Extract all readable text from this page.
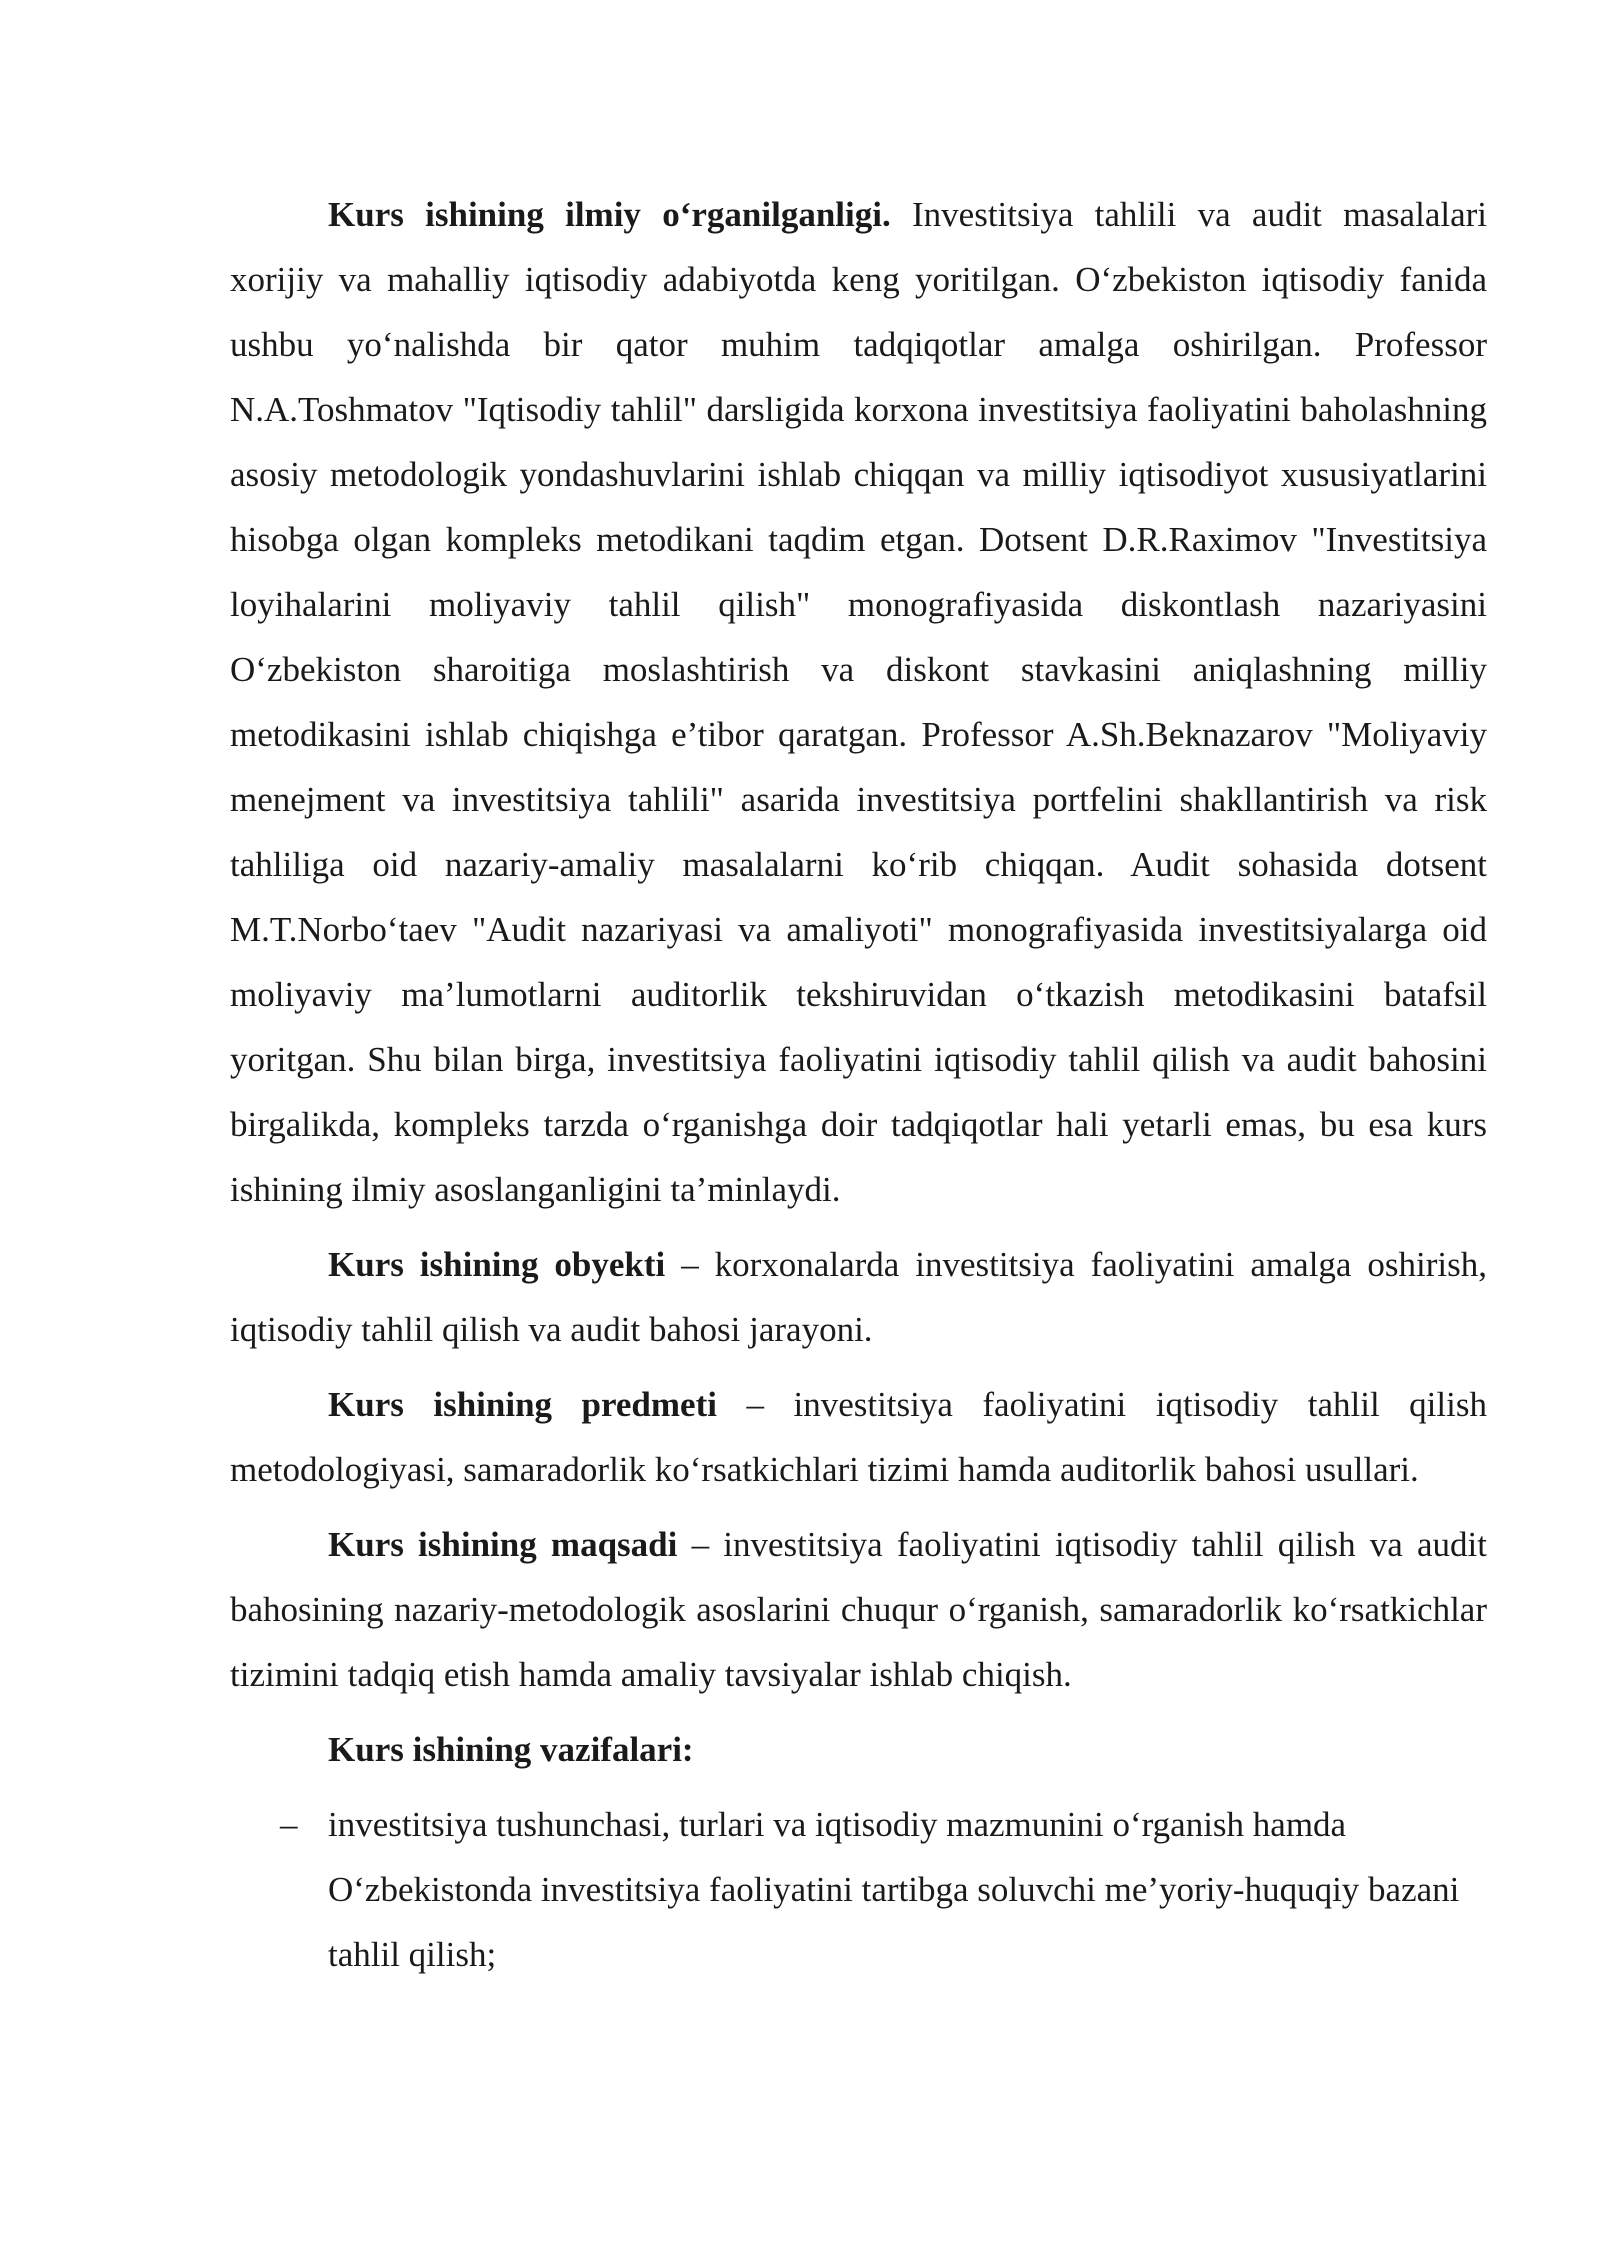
Kurs ishining ilmiy o‘rganilganligi. Investitsiya tahlili va audit masalalari xorijiy va mahalliy iqtisodiy adabiyotda keng yoritilgan. O‘zbekiston iqtisodiy fanida ushbu yo‘nalishda bir qator muhim tadqiqotlar amalga oshirilgan. Professor N.A.Toshmatov "Iqtisodiy tahlil" darsligida korxona investitsiya faoliyatini baholashning asosiy metodologik yondashuvlarini ishlab chiqqan va milliy iqtisodiyot xususiyatlarini hisobga olgan kompleks metodikani taqdim etgan. Dotsent D.R.Raximov "Investitsiya loyihalarini moliyaviy tahlil qilish" monografiyasida diskontlash nazariyasini O‘zbekiston sharoitiga moslashtirish va diskont stavkasini aniqlashning milliy metodikasini ishlab chiqishga e’tibor qaratgan. Professor A.Sh.Beknazarov "Moliyaviy menejment va investitsiya tahlili" asarida investitsiya portfelini shakllantirish va risk tahliliga oid nazariy-amaliy masalalarni ko‘rib chiqqan. Audit sohasida dotsent M.T.Norbo‘taev "Audit nazariyasi va amaliyoti" monografiyasida investitsiyalarga oid moliyaviy ma’lumotlarni auditorlik tekshiruvidan o‘tkazish metodikasini batafsil yoritgan. Shu bilan birga, investitsiya faoliyatini iqtisodiy tahlil qilish va audit bahosini birgalikda, kompleks tarzda o‘rganishga doir tadqiqotlar hali yetarli emas, bu esa kurs ishining ilmiy asoslanganligini ta’minlaydi.

Kurs ishining obyekti – korxonalarda investitsiya faoliyatini amalga oshirish, iqtisodiy tahlil qilish va audit bahosi jarayoni.

Kurs ishining predmeti – investitsiya faoliyatini iqtisodiy tahlil qilish metodologiyasi, samaradorlik ko‘rsatkichlari tizimi hamda auditorlik bahosi usullari.

Kurs ishining maqsadi – investitsiya faoliyatini iqtisodiy tahlil qilish va audit bahosining nazariy-metodologik asoslarini chuqur o‘rganish, samaradorlik ko‘rsatkichlar tizimini tadqiq etish hamda amaliy tavsiyalar ishlab chiqish.

Kurs ishining vazifalari:

– investitsiya tushunchasi, turlari va iqtisodiy mazmunini o‘rganish hamda O‘zbekistonda investitsiya faoliyatini tartibga soluvchi me’yoriy-huquqiy bazani tahlil qilish;
